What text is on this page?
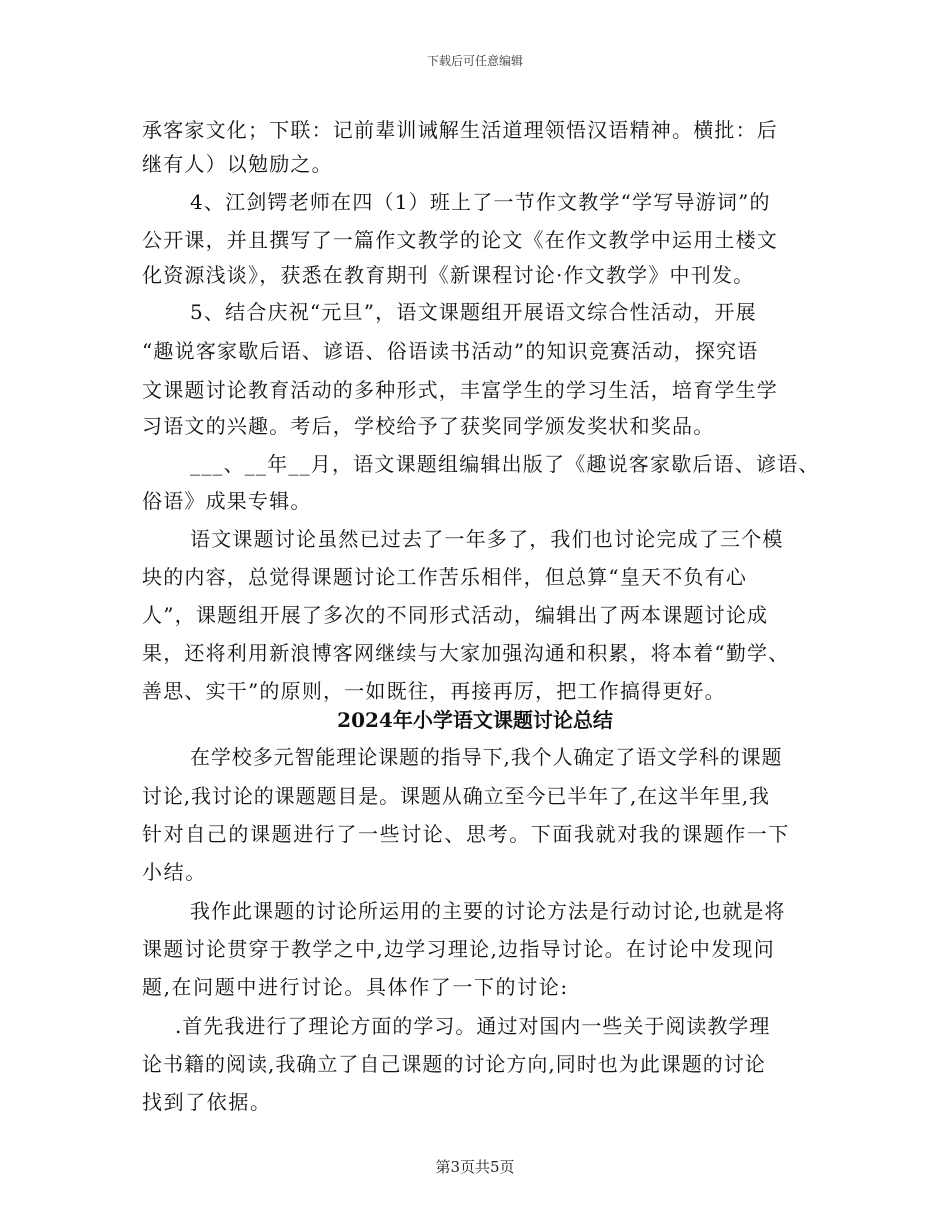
下载后可任意编辑
承客家文化；下联：记前辈训诫解生活道理领悟汉语精神。横批：后
继有人）以勉励之。
4、江剑锷老师在四（1）班上了一节作文教学“学写导游词”的
公开课，并且撰写了一篇作文教学的论文《在作文教学中运用土楼文
化资源浅谈》，获悉在教育期刊《新课程讨论·作文教学》中刊发。
5、结合庆祝“元旦”，语文课题组开展语文综合性活动，开展
“趣说客家歇后语、谚语、俗语读书活动”的知识竞赛活动，探究语
文课题讨论教育活动的多种形式，丰富学生的学习生活，培育学生学
习语文的兴趣。考后，学校给予了获奖同学颁发奖状和奖品。
___、__年__月，语文课题组编辑出版了《趣说客家歇后语、谚语、
俗语》成果专辑。
语文课题讨论虽然已过去了一年多了，我们也讨论完成了三个模
块的内容，总觉得课题讨论工作苦乐相伴，但总算“皇天不负有心
人”，课题组开展了多次的不同形式活动，编辑出了两本课题讨论成
果，还将利用新浪博客网继续与大家加强沟通和积累，将本着“勤学、
善思、实干”的原则，一如既往，再接再厉，把工作搞得更好。
2024年小学语文课题讨论总结
在学校多元智能理论课题的指导下,我个人确定了语文学科的课题
讨论,我讨论的课题题目是。课题从确立至今已半年了,在这半年里,我
针对自己的课题进行了一些讨论、思考。下面我就对我的课题作一下
小结。
我作此课题的讨论所运用的主要的讨论方法是行动讨论,也就是将
课题讨论贯穿于教学之中,边学习理论,边指导讨论。在讨论中发现问
题,在问题中进行讨论。具体作了一下的讨论:
.首先我进行了理论方面的学习。通过对国内一些关于阅读教学理
论书籍的阅读,我确立了自己课题的讨论方向,同时也为此课题的讨论
找到了依据。
第3页共5页
